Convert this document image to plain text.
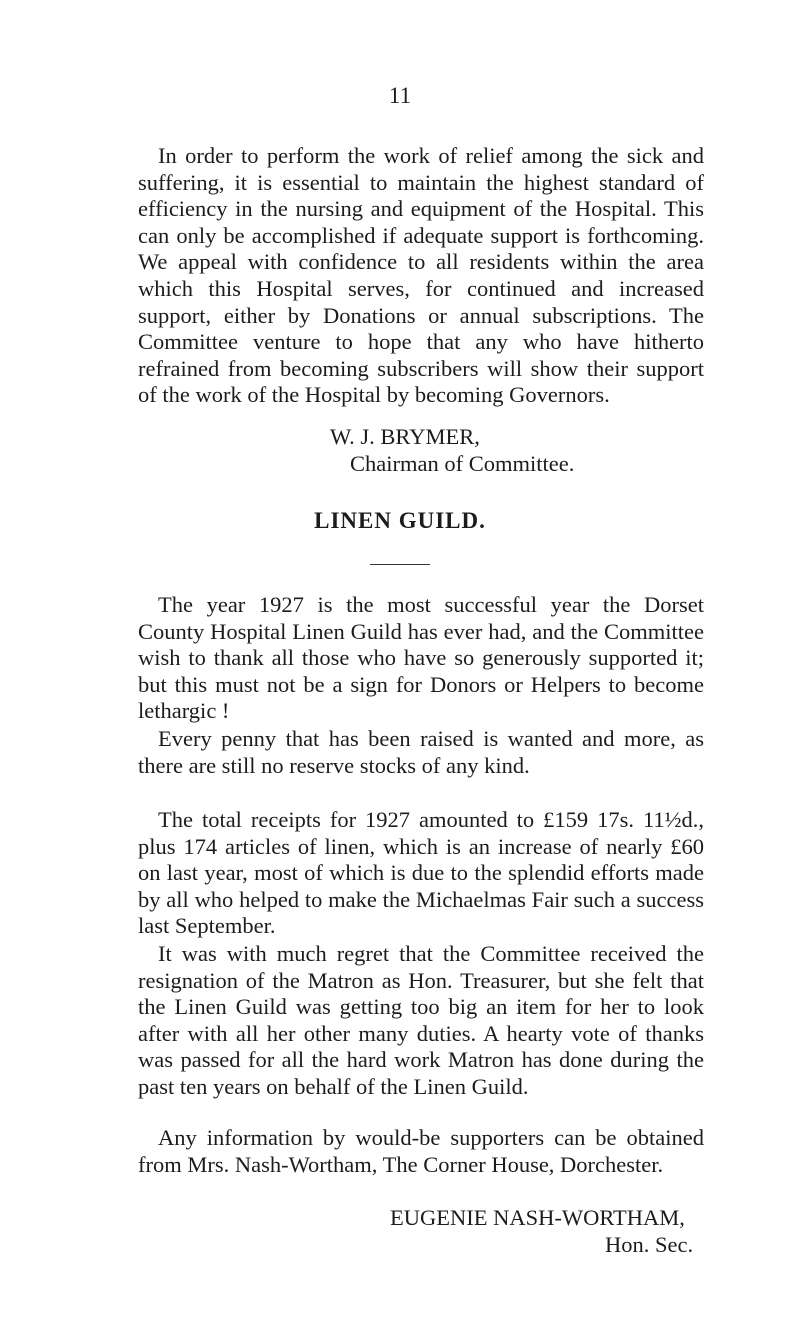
11

In order to perform the work of relief among the sick and suffering, it is essential to maintain the highest standard of efficiency in the nursing and equipment of the Hospital. This can only be accomplished if adequate support is forthcoming. We appeal with confidence to all residents within the area which this Hospital serves, for continued and increased support, either by Donations or annual subscriptions. The Committee venture to hope that any who have hitherto refrained from becoming subscribers will show their support of the work of the Hospital by becoming Governors.

W. J. BRYMER,
Chairman of Committee.
LINEN GUILD.

The year 1927 is the most successful year the Dorset County Hospital Linen Guild has ever had, and the Committee wish to thank all those who have so generously supported it; but this must not be a sign for Donors or Helpers to become lethargic !

Every penny that has been raised is wanted and more, as there are still no reserve stocks of any kind.

The total receipts for 1927 amounted to £159 17s. 11½d., plus 174 articles of linen, which is an increase of nearly £60 on last year, most of which is due to the splendid efforts made by all who helped to make the Michaelmas Fair such a success last September.

It was with much regret that the Committee received the resignation of the Matron as Hon. Treasurer, but she felt that the Linen Guild was getting too big an item for her to look after with all her other many duties. A hearty vote of thanks was passed for all the hard work Matron has done during the past ten years on behalf of the Linen Guild.

Any information by would-be supporters can be obtained from Mrs. Nash-Wortham, The Corner House, Dorchester.

EUGENIE NASH-WORTHAM,
Hon. Sec.
